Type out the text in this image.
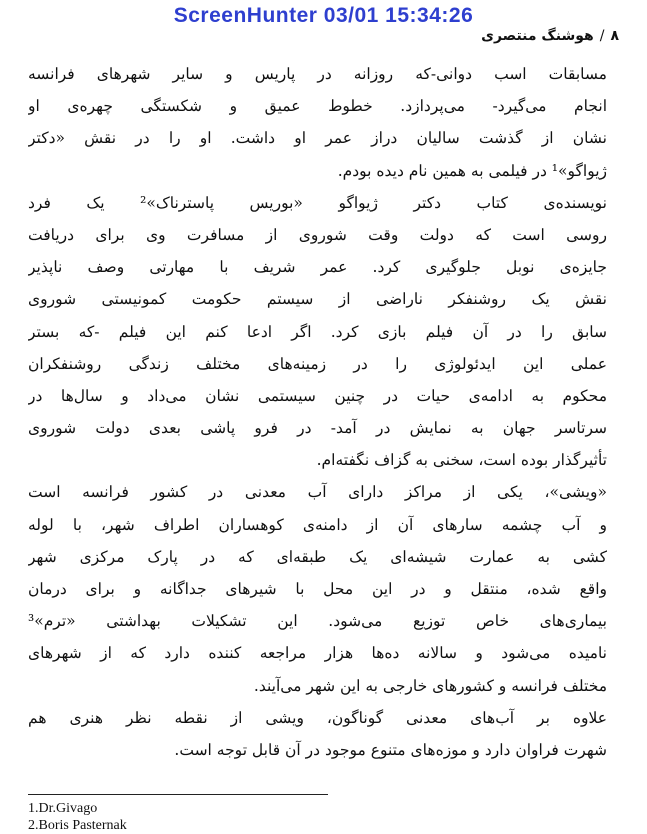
ScreenHunter 03/01 15:34:26
۸
/
هوشنگ منتصری
مسابقات اسب دوانی-که روزانه در پاریس و سایر شهرهای فرانسه
انجام می‌گیرد- می‌پردازد. خطوط عمیق و شکستگی چهره‌ی او
نشان از گذشت سالیان دراز عمر او داشت. او را در نقش «دکتر
ژیواگو»¹ در فیلمی به همین نام دیده بودم.
نویسنده‌ی کتاب دکتر ژیواگو «بوریس پاسترناک»² یک فرد
روسی است که دولت وقت شوروی از مسافرت وی برای دریافت
جایزه‌ی نوبل جلوگیری کرد. عمر شریف با مهارتی وصف ناپذیر
نقش یک روشنفکر ناراضی از سیستم حکومت کمونیستی شوروی
سابق را در آن فیلم بازی کرد. اگر ادعا کنم این فیلم -که بستر
عملی این ایدئولوژی را در زمینه‌های مختلف زندگی روشنفکران
محکوم به ادامه‌ی حیات در چنین سیستمی نشان می‌داد و سال‌ها در
سرتاسر جهان به نمایش در آمد- در فرو پاشی بعدی دولت شوروی
تأثیرگذار بوده است، سخنی به گزاف نگفته‌ام.
«ویشی»، یکی از مراکز دارای آب معدنی در کشور فرانسه است
و آب چشمه سارهای آن از دامنه‌ی کوهساران اطراف شهر، با لوله
کشی به عمارت شیشه‌ای یک طبقه‌ای که در پارک مرکزی شهر
واقع شده، منتقل و در این محل با شیرهای جداگانه و برای درمان
بیماری‌های خاص توزیع می‌شود. این تشکیلات بهداشتی «ترم»³
نامیده می‌شود و سالانه ده‌ها هزار مراجعه کننده دارد که از شهرهای
مختلف فرانسه و کشورهای خارجی به این شهر می‌آیند.
علاوه بر آب‌های معدنی گوناگون، ویشی از نقطه نظر هنری هم
شهرت فراوان دارد و موزه‌های متنوع موجود در آن قابل توجه است.
1.Dr.Givago
2.Boris Pasternak
